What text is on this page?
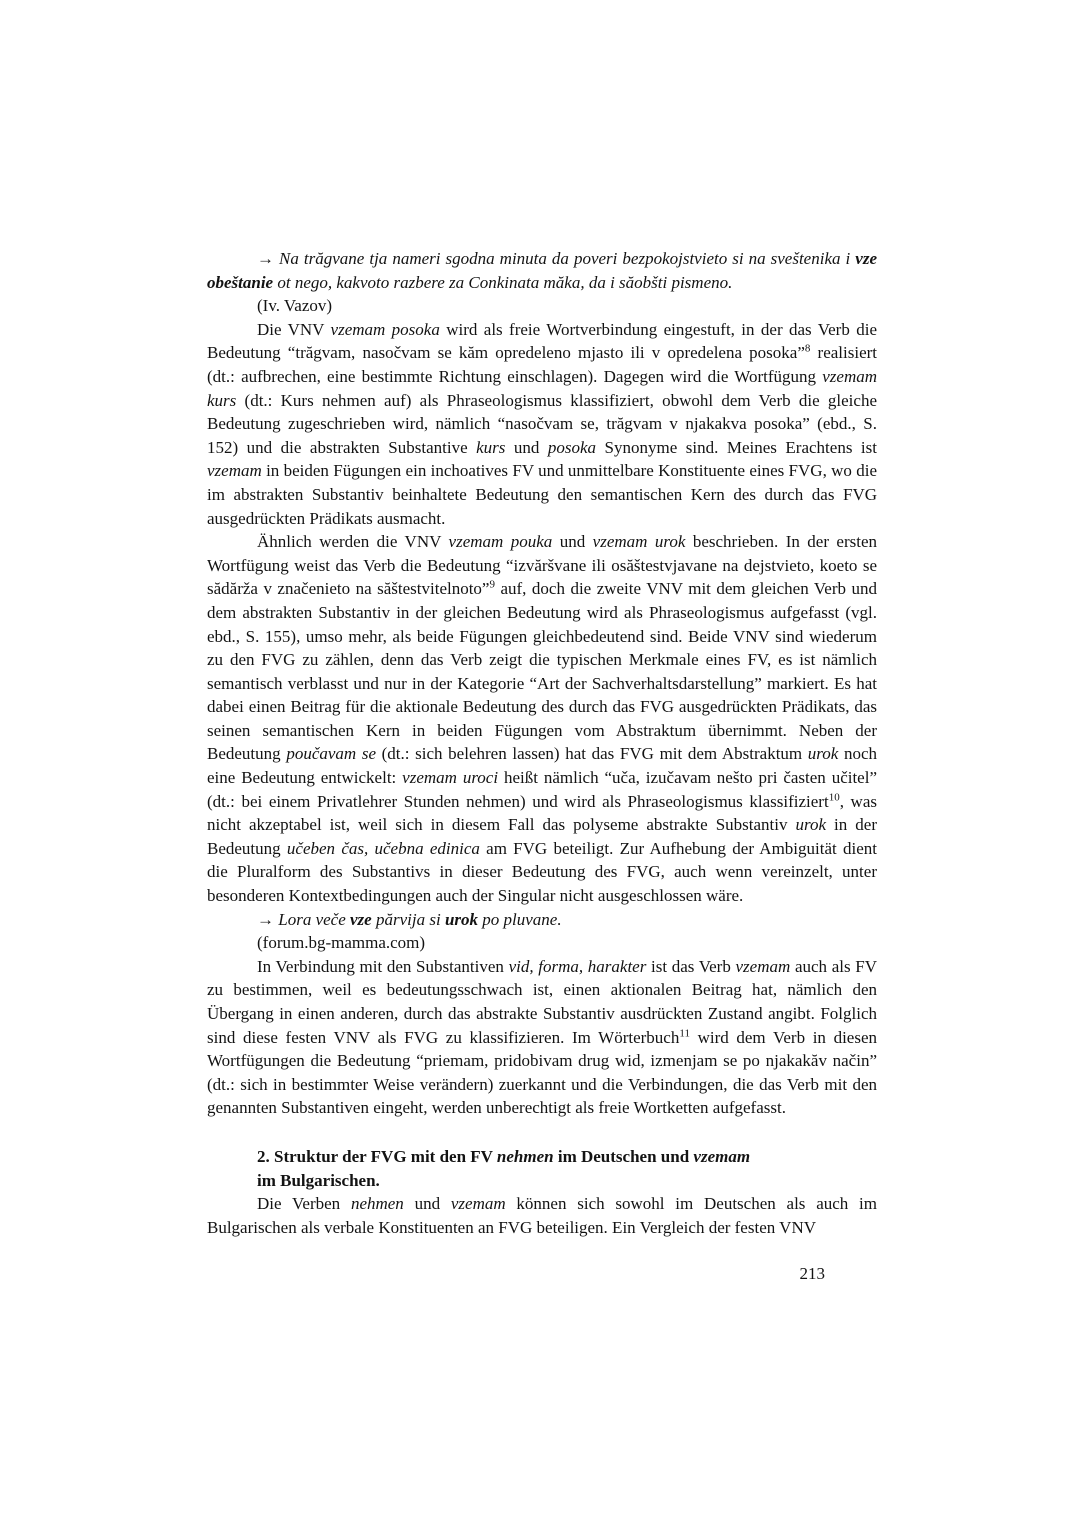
→ Na trăgvane tja nameri sgodna minuta da poveri bezpokojstvieto si na sveštenika i vze obeštanie ot nego, kakvoto razbere za Conkinata măka, da i săobšti pismeno.

(Iv. Vazov)

Die VNV vzemam posoka wird als freie Wortverbindung eingestuft, in der das Verb die Bedeutung “trăgvam, nasočvam se kăm opredeleno mjasto ili v opredelena posoka”$^8$ realisiert (dt.: aufbrechen, eine bestimmte Richtung einschlagen). Dagegen wird die Wortfügung vzemam kurs (dt.: Kurs nehmen auf) als Phraseologismus klassifiziert, obwohl dem Verb die gleiche Bedeutung zugeschrieben wird, nämlich “nasočvam se, trăgvam v njakakva posoka” (ebd., S. 152) und die abstrakten Substantive kurs und posoka Synonyme sind. Meines Erachtens ist vzemam in beiden Fügungen ein inchoatives FV und unmittelbare Konstituente eines FVG, wo die im abstrakten Substantiv beinhaltete Bedeutung den semantischen Kern des durch das FVG ausgedrückten Prädikats ausmacht.

Ähnlich werden die VNV vzemam pouka und vzemam urok beschrieben. In der ersten Wortfügung weist das Verb die Bedeutung “izvăršvane ili osăštestvjavane na dejstvieto, koeto se sădărža v značenieto na săštestvitelnoto”$^9$ auf, doch die zweite VNV mit dem gleichen Verb und dem abstrakten Substantiv in der gleichen Bedeutung wird als Phraseologismus aufgefasst (vgl. ebd., S. 155), umso mehr, als beide Fügungen gleichbedeutend sind. Beide VNV sind wiederum zu den FVG zu zählen, denn das Verb zeigt die typischen Merkmale eines FV, es ist nämlich semantisch verblasst und nur in der Kategorie “Art der Sachverhaltsdarstellung” markiert. Es hat dabei einen Beitrag für die aktionale Bedeutung des durch das FVG ausgedrückten Prädikats, das seinen semantischen Kern in beiden Fügungen vom Abstraktum übernimmt. Neben der Bedeutung poučavam se (dt.: sich belehren lassen) hat das FVG mit dem Abstraktum urok noch eine Bedeutung entwickelt: vzemam uroci heißt nämlich “uča, izučavam nešto pri časten učitel” (dt.: bei einem Privatlehrer Stunden nehmen) und wird als Phraseologismus klassifiziert$^{10}$, was nicht akzeptabel ist, weil sich in diesem Fall das polyseme abstrakte Substantiv urok in der Bedeutung učeben čas, učebna edinica am FVG beteiligt. Zur Aufhebung der Ambiguität dient die Pluralform des Substantivs in dieser Bedeutung des FVG, auch wenn vereinzelt, unter besonderen Kontextbedingungen auch der Singular nicht ausgeschlossen wäre.

→ Lora veče vze părvija si urok po pluvane.

(forum.bg-mamma.com)

In Verbindung mit den Substantiven vid, forma, harakter ist das Verb vzemam auch als FV zu bestimmen, weil es bedeutungsschwach ist, einen aktionalen Beitrag hat, nämlich den Übergang in einen anderen, durch das abstrakte Substantiv ausdrückten Zustand angibt. Folglich sind diese festen VNV als FVG zu klassifizieren. Im Wörterbuch$^{11}$ wird dem Verb in diesen Wortfügungen die Bedeutung “priemam, pridobivam drug wid, izmenjam se po njakakăv način” (dt.: sich in bestimmter Weise verändern) zuerkannt und die Verbindungen, die das Verb mit den genannten Substantiven eingeht, werden unberechtigt als freie Wortketten aufgefasst.

2. Struktur der FVG mit den FV nehmen im Deutschen und vzemam
im Bulgarischen.

Die Verben nehmen und vzemam können sich sowohl im Deutschen als auch im Bulgarischen als verbale Konstituenten an FVG beteiligen. Ein Vergleich der festen VNV

213
